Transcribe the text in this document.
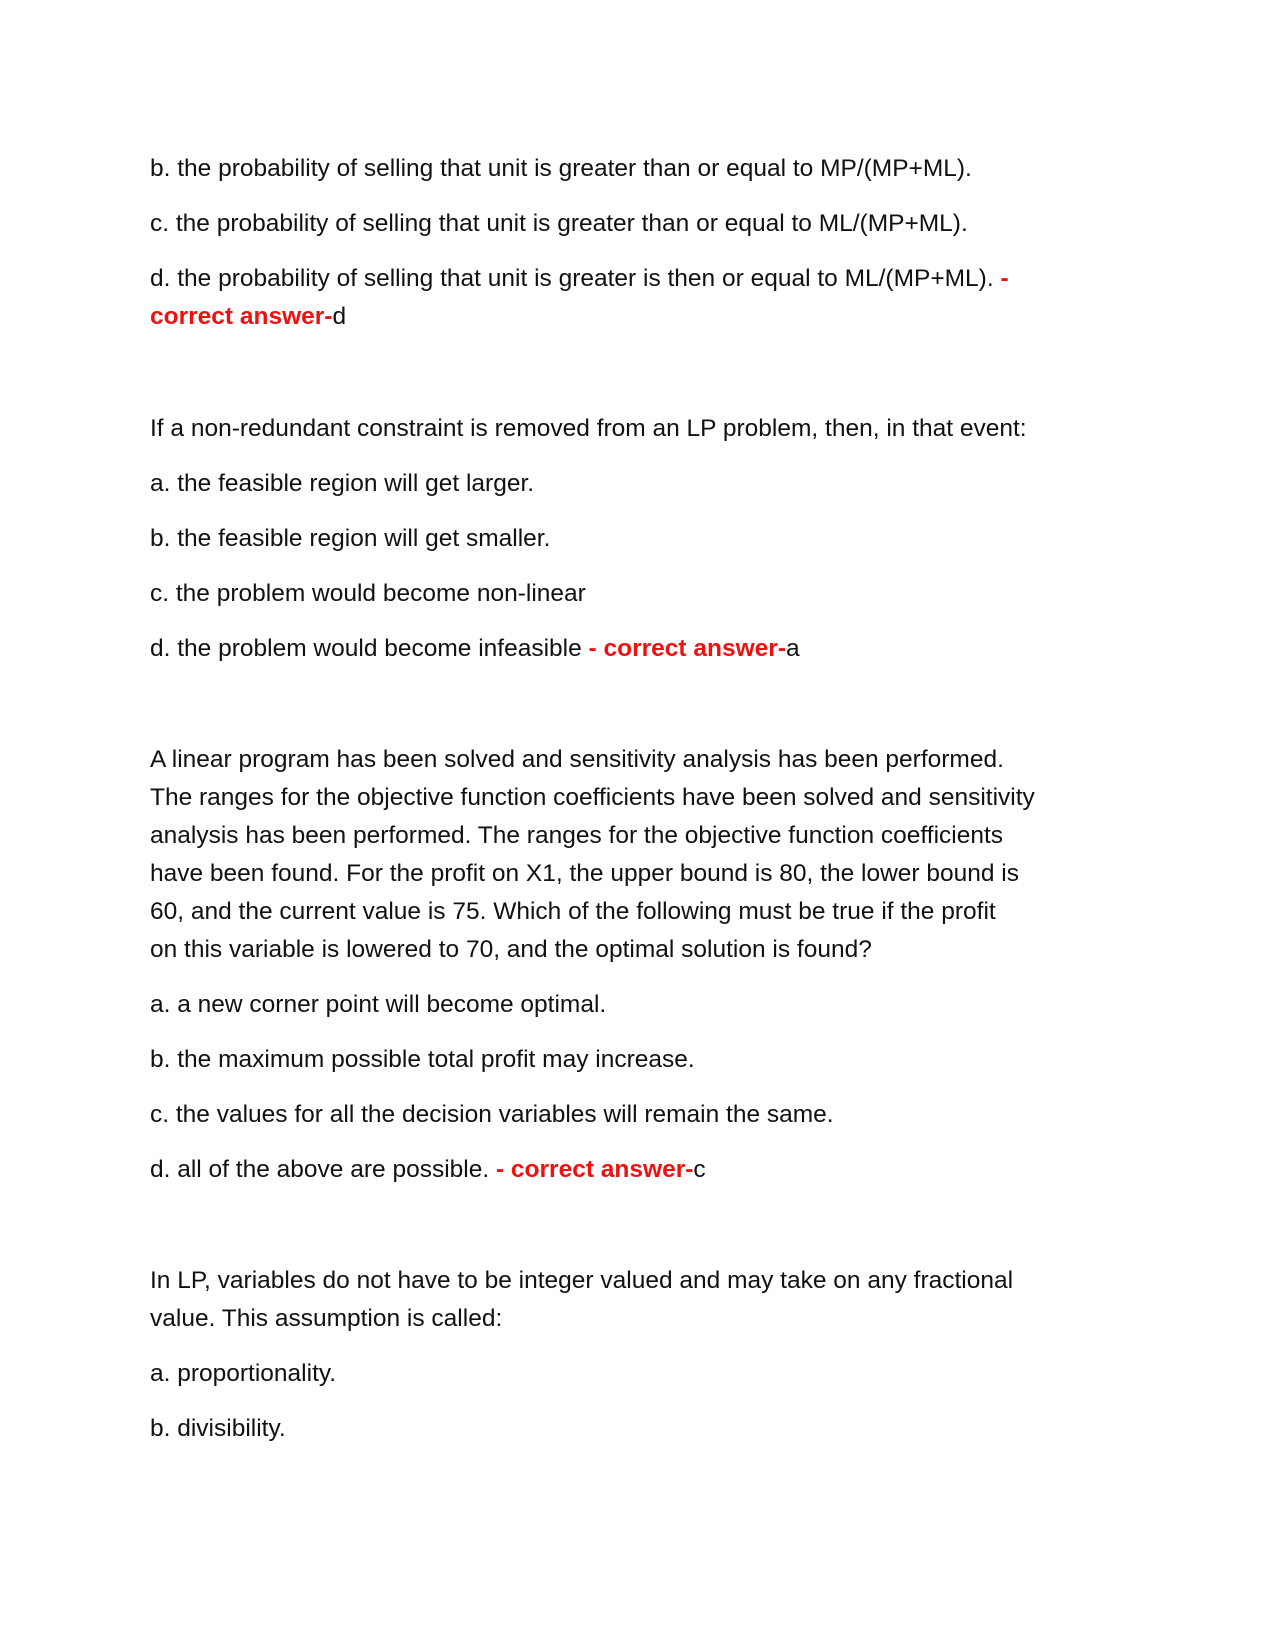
b. the probability of selling that unit is greater than or equal to MP/(MP+ML).
c. the probability of selling that unit is greater than or equal to ML/(MP+ML).
d. the probability of selling that unit is greater is then or equal to ML/(MP+ML). -
correct answer-d
If a non-redundant constraint is removed from an LP problem, then, in that event:
a. the feasible region will get larger.
b. the feasible region will get smaller.
c. the problem would become non-linear
d. the problem would become infeasible - correct answer-a
A linear program has been solved and sensitivity analysis has been performed.
The ranges for the objective function coefficients have been solved and sensitivity
analysis has been performed. The ranges for the objective function coefficients
have been found. For the profit on X1, the upper bound is 80, the lower bound is
60, and the current value is 75. Which of the following must be true if the profit
on this variable is lowered to 70, and the optimal solution is found?
a. a new corner point will become optimal.
b. the maximum possible total profit may increase.
c. the values for all the decision variables will remain the same.
d. all of the above are possible. - correct answer-c
In LP, variables do not have to be integer valued and may take on any fractional
value. This assumption is called:
a. proportionality.
b. divisibility.
